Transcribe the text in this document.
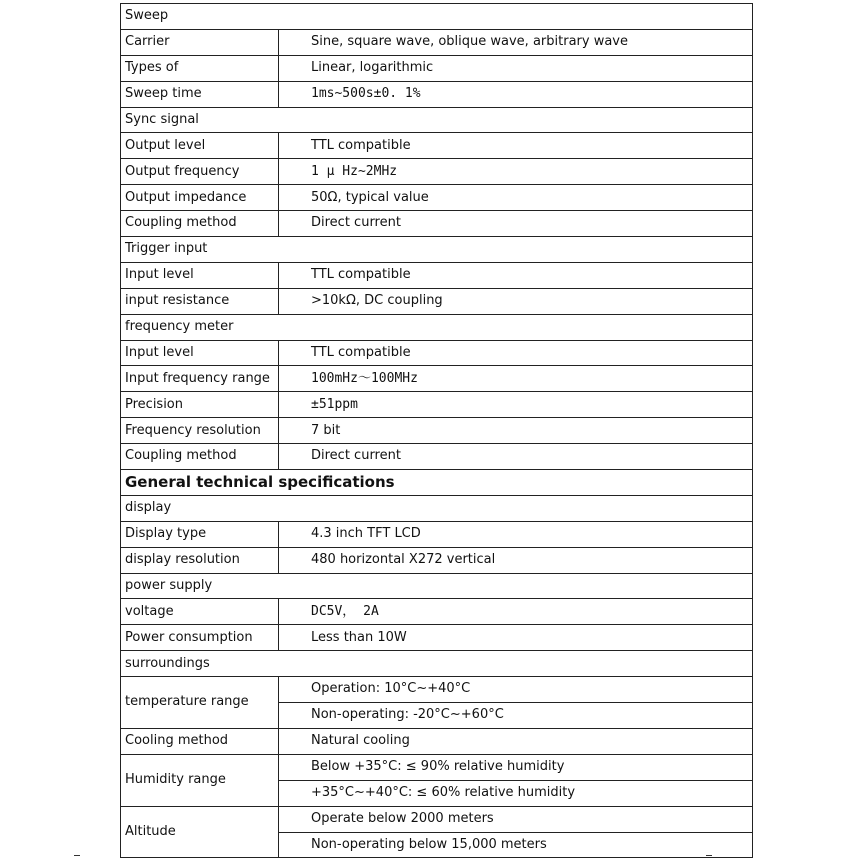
Sweep	
Carrier	Sine, square wave, oblique wave, arbitrary wave
Types of	Linear, logarithmic
Sweep time	1ms~500s±0. 1%
Sync signal	
Output level	TTL compatible
Output frequency	1 μ Hz~2MHz
Output impedance	50Ω, typical value
Coupling method	Direct current
Trigger input	
Input level	TTL compatible
input resistance	>10kΩ, DC coupling
frequency meter	
Input level	TTL compatible
Input frequency range	100mHz～100MHz
Precision	±51ppm
Frequency resolution	7 bit
Coupling method	Direct current
General technical specifications	
display	
Display type	4.3 inch TFT LCD
display resolution	480 horizontal X272 vertical
power supply	
voltage	DC5V， 2A
Power consumption	Less than 10W
surroundings	
temperature range	Operation: 10°C~+40°C
	Non-operating: -20°C~+60°C
Cooling method	Natural cooling
Humidity range	Below +35°C: ≤ 90% relative humidity
	+35°C~+40°C: ≤ 60% relative humidity
Altitude	Operate below 2000 meters
	Non-operating below 15,000 meters
